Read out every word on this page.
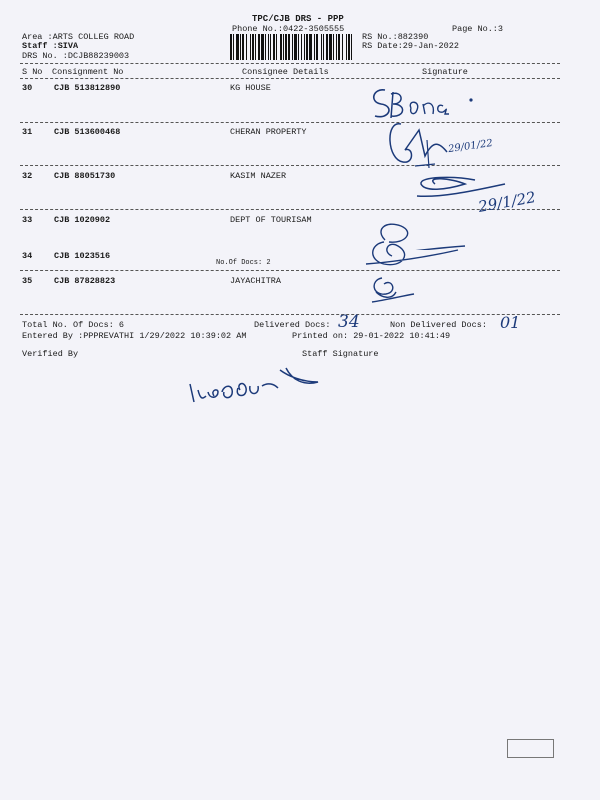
TPC/CJB DRS - PPP
Phone No.:0422-3505555	Page No.:3
Area :ARTS COLLEG ROAD
Staff :SIVA
DRS No. :DCJB88239003
RS No.:882390
RS Date:29-Jan-2022
S No Consignment No	Consignee Details	Signature
30	CJB 513812890	KG HOUSE
31	CJB 513600468	CHERAN PROPERTY
32	CJB 88051730	KASIM NAZER
33	CJB 1020902	DEPT OF TOURISAM
34	CJB 1023516
No.Of Docs: 2
35	CJB 87828823	JAYACHITRA
Total No. Of Docs: 6	Delivered Docs: 34	Non Delivered Docs: 01
Entered By :PPPREVATHI 1/29/2022 10:39:02 AM	Printed on: 29-01-2022 10:41:49
Verified By	Staff Signature
29/01/22
29/1/22
